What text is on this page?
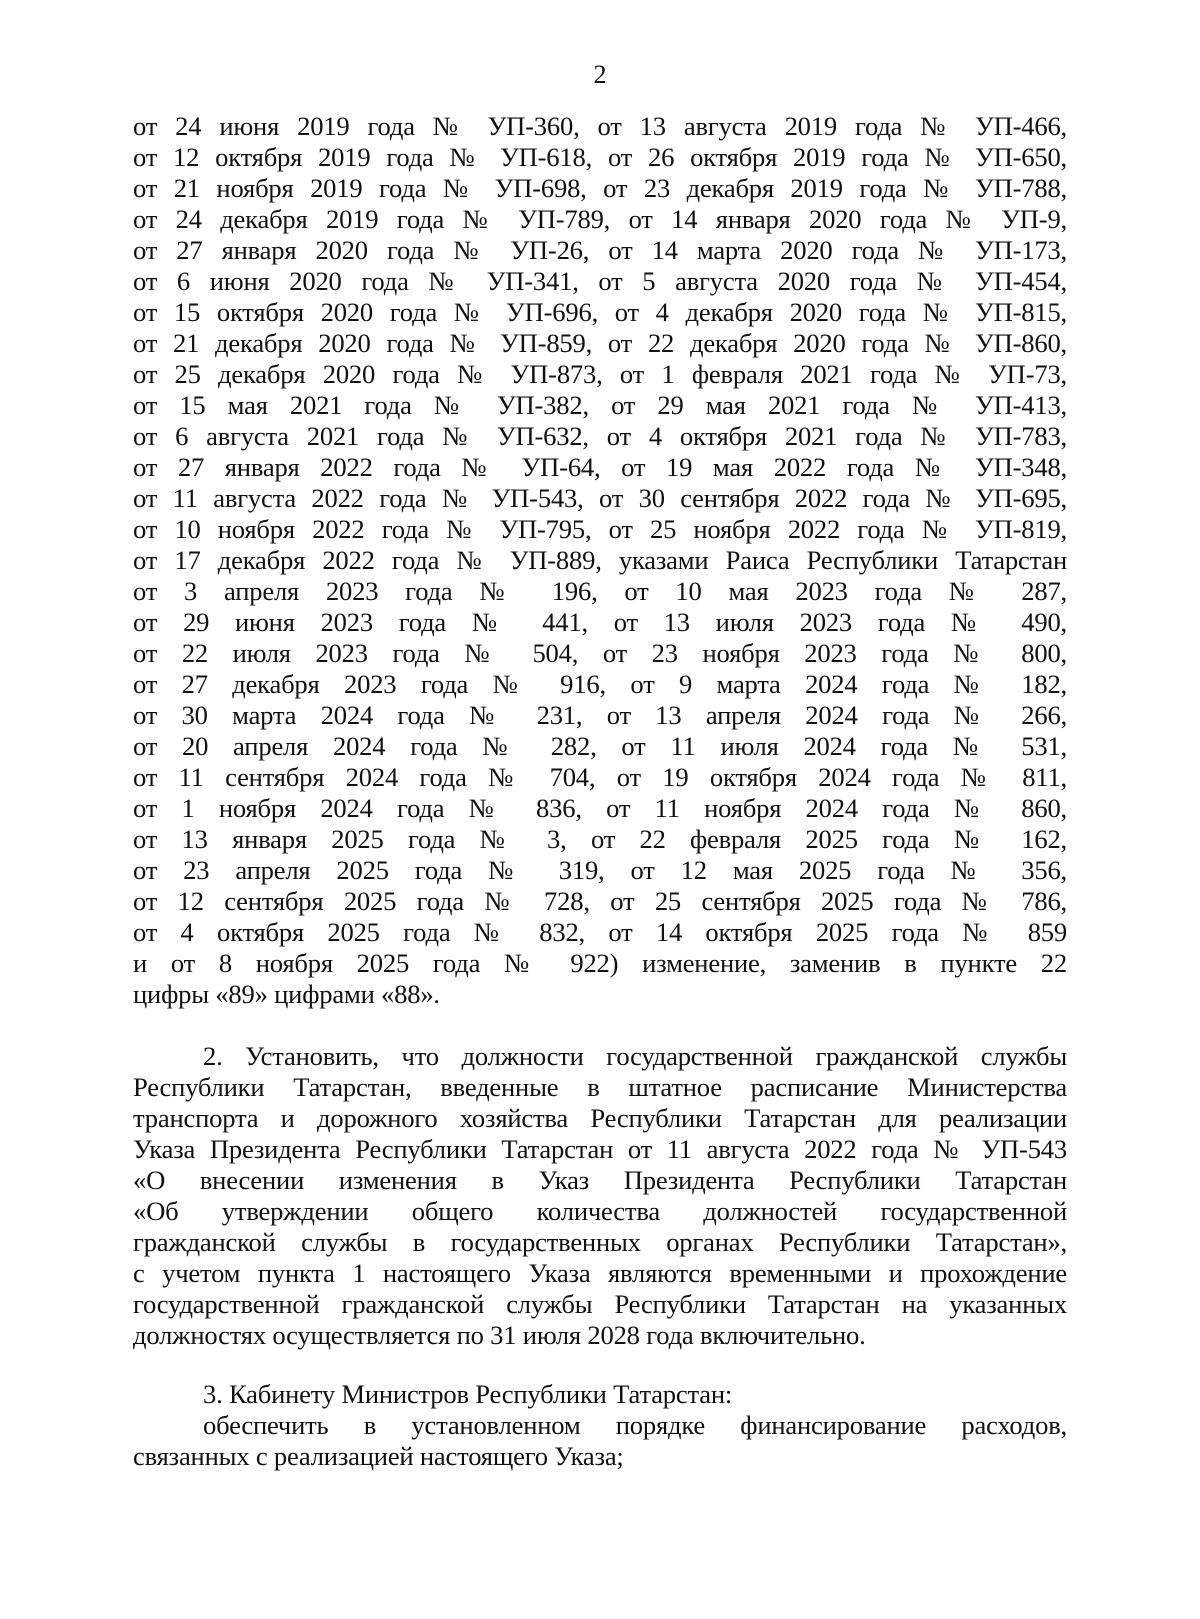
2
от 24 июня 2019 года № УП-360, от 13 августа 2019 года № УП-466,
от 12 октября 2019 года № УП-618, от 26 октября 2019 года № УП-650,
от 21 ноября 2019 года № УП-698, от 23 декабря 2019 года № УП-788,
от 24 декабря 2019 года № УП-789, от 14 января 2020 года № УП-9,
от 27 января 2020 года № УП-26, от 14 марта 2020 года № УП-173,
от 6 июня 2020 года № УП-341, от 5 августа 2020 года № УП-454,
от 15 октября 2020 года № УП-696, от 4 декабря 2020 года № УП-815,
от 21 декабря 2020 года № УП-859, от 22 декабря 2020 года № УП-860,
от 25 декабря 2020 года № УП-873, от 1 февраля 2021 года № УП-73,
от 15 мая 2021 года № УП-382, от 29 мая 2021 года № УП-413,
от 6 августа 2021 года № УП-632, от 4 октября 2021 года № УП-783,
от 27 января 2022 года № УП-64, от 19 мая 2022 года № УП-348,
от 11 августа 2022 года № УП-543, от 30 сентября 2022 года № УП-695,
от 10 ноября 2022 года № УП-795, от 25 ноября 2022 года № УП-819,
от 17 декабря 2022 года № УП-889, указами Раиса Республики Татарстан
от 3 апреля 2023 года № 196, от 10 мая 2023 года № 287,
от 29 июня 2023 года № 441, от 13 июля 2023 года № 490,
от 22 июля 2023 года № 504, от 23 ноября 2023 года № 800,
от 27 декабря 2023 года № 916, от 9 марта 2024 года № 182,
от 30 марта 2024 года № 231, от 13 апреля 2024 года № 266,
от 20 апреля 2024 года № 282, от 11 июля 2024 года № 531,
от 11 сентября 2024 года № 704, от 19 октября 2024 года № 811,
от 1 ноября 2024 года № 836, от 11 ноября 2024 года № 860,
от 13 января 2025 года № 3, от 22 февраля 2025 года № 162,
от 23 апреля 2025 года № 319, от 12 мая 2025 года № 356,
от 12 сентября 2025 года № 728, от 25 сентября 2025 года № 786,
от 4 октября 2025 года № 832, от 14 октября 2025 года № 859
и от 8 ноября 2025 года № 922) изменение, заменив в пункте 22
цифры «89» цифрами «88».
2. Установить, что должности государственной гражданской службы
Республики Татарстан, введенные в штатное расписание Министерства
транспорта и дорожного хозяйства Республики Татарстан для реализации
Указа Президента Республики Татарстан от 11 августа 2022 года № УП-543
«О внесении изменения в Указ Президента Республики Татарстан
«Об утверждении общего количества должностей государственной
гражданской службы в государственных органах Республики Татарстан»,
с учетом пункта 1 настоящего Указа являются временными и прохождение
государственной гражданской службы Республики Татарстан на указанных
должностях осуществляется по 31 июля 2028 года включительно.
3. Кабинету Министров Республики Татарстан:
обеспечить в установленном порядке финансирование расходов,
связанных с реализацией настоящего Указа;
